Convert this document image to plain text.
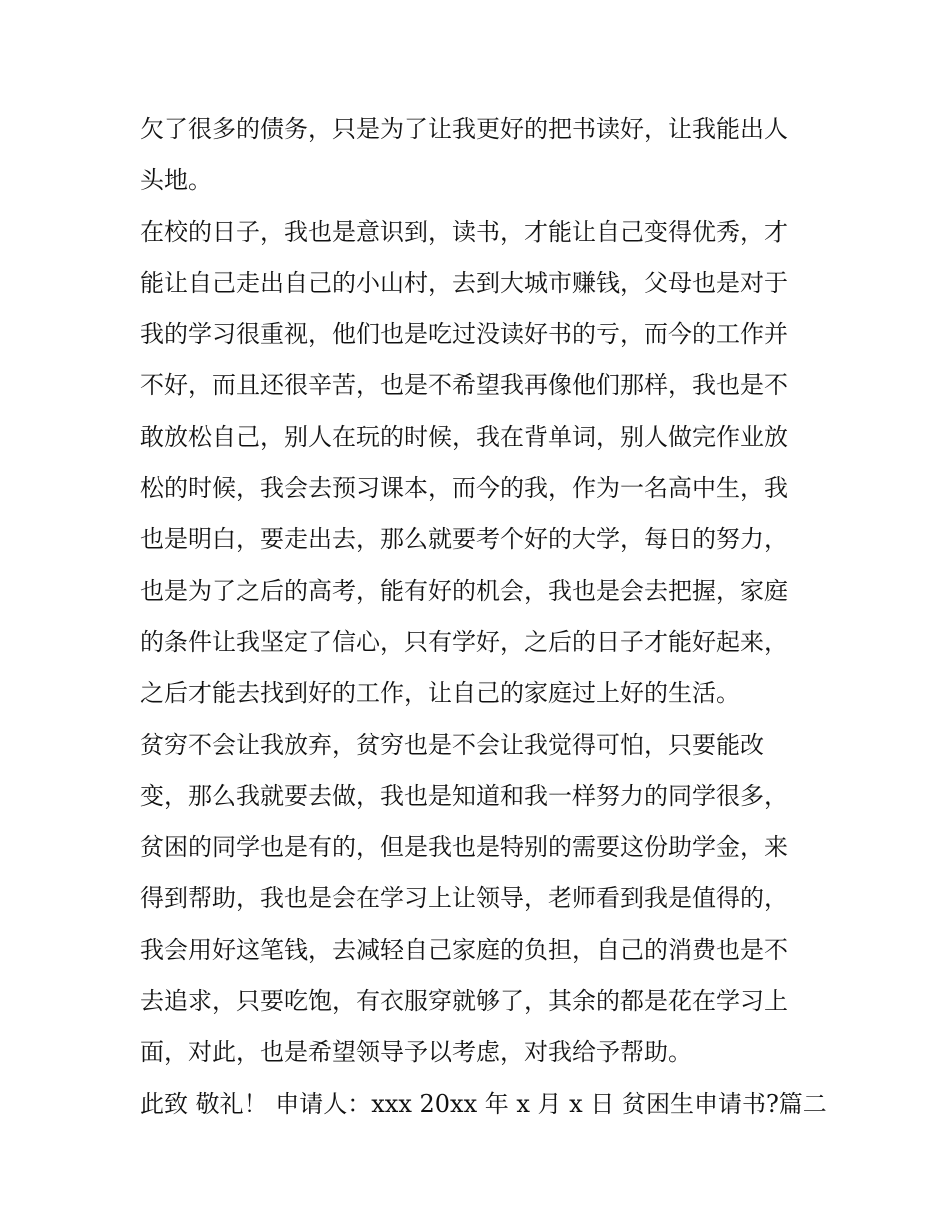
欠了很多的债务，只是为了让我更好的把书读好，让我能出人
头地。
在校的日子，我也是意识到，读书，才能让自己变得优秀，才
能让自己走出自己的小山村，去到大城市赚钱，父母也是对于
我的学习很重视，他们也是吃过没读好书的亏，而今的工作并
不好，而且还很辛苦，也是不希望我再像他们那样，我也是不
敢放松自己，别人在玩的时候，我在背单词，别人做完作业放
松的时候，我会去预习课本，而今的我，作为一名高中生，我
也是明白，要走出去，那么就要考个好的大学，每日的努力，
也是为了之后的高考，能有好的机会，我也是会去把握，家庭
的条件让我坚定了信心，只有学好，之后的日子才能好起来，
之后才能去找到好的工作，让自己的家庭过上好的生活。
贫穷不会让我放弃，贫穷也是不会让我觉得可怕，只要能改
变，那么我就要去做，我也是知道和我一样努力的同学很多，
贫困的同学也是有的，但是我也是特别的需要这份助学金，来
得到帮助，我也是会在学习上让领导，老师看到我是值得的，
我会用好这笔钱，去减轻自己家庭的负担，自己的消费也是不
去追求，只要吃饱，有衣服穿就够了，其余的都是花在学习上
面，对此，也是希望领导予以考虑，对我给予帮助。
此致 敬礼！ 申请人：xxx 20xx 年 x 月 x 日 贫困生申请书?篇二
